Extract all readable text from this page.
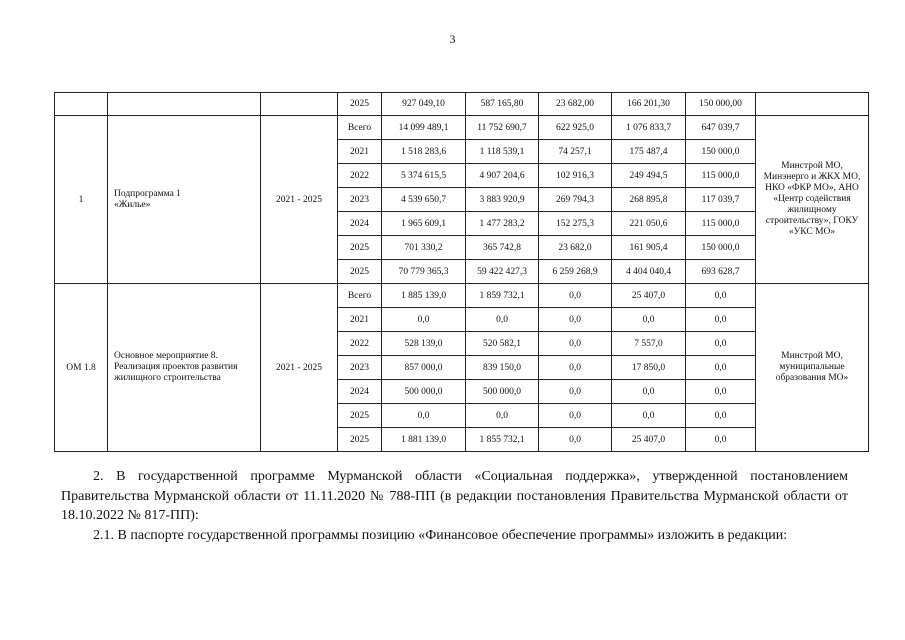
3
			2025	927 049,10	587 165,80	23 682,00	166 201,30	150 000,00	
1	Подпрограмма 1
«Жилье»	2021 - 2025	Всего	14 099 489,1	11 752 690,7	622 925,0	1 076 833,7	647 039,7	Минстрой МО, Минэнерго и ЖКХ МО, НКО «ФКР МО», АНО «Центр содействия жилищному строительству», ГОКУ «УКС МО»
			2021	1 518 283,6	1 118 539,1	74 257,1	175 487,4	150 000,0	
			2022	5 374 615,5	4 907 204,6	102 916,3	249 494,5	115 000,0	
			2023	4 539 650,7	3 883 920,9	269 794,3	268 895,8	117 039,7	
			2024	1 965 609,1	1 477 283,2	152 275,3	221 050,6	115 000,0	
			2025	701 330,2	365 742,8	23 682,0	161 905,4	150 000,0	
			2025	70 779 365,3	59 422 427,3	6 259 268,9	4 404 040,4	693 628,7	
ОМ 1.8	Основное мероприятие 8.
Реализация проектов развития жилищного строительства	2021 - 2025	Всего	1 885 139,0	1 859 732,1	0,0	25 407,0	0,0	Минстрой МО, муниципальные образования МО»
			2021	0,0	0,0	0,0	0,0	0,0	
			2022	528 139,0	520 582,1	0,0	7 557,0	0,0	
			2023	857 000,0	839 150,0	0,0	17 850,0	0,0	
			2024	500 000,0	500 000,0	0,0	0,0	0,0	
			2025	0,0	0,0	0,0	0,0	0,0	
			2025	1 881 139,0	1 855 732,1	0,0	25 407,0	0,0	

2. В государственной программе Мурманской области «Социальная поддержка», утвержденной постановлением Правительства Мурманской области от 11.11.2020 № 788-ПП (в редакции постановления Правительства Мурманской области от 18.10.2022 № 817-ПП):

2.1. В паспорте государственной программы позицию «Финансовое обеспечение программы» изложить в редакции:
